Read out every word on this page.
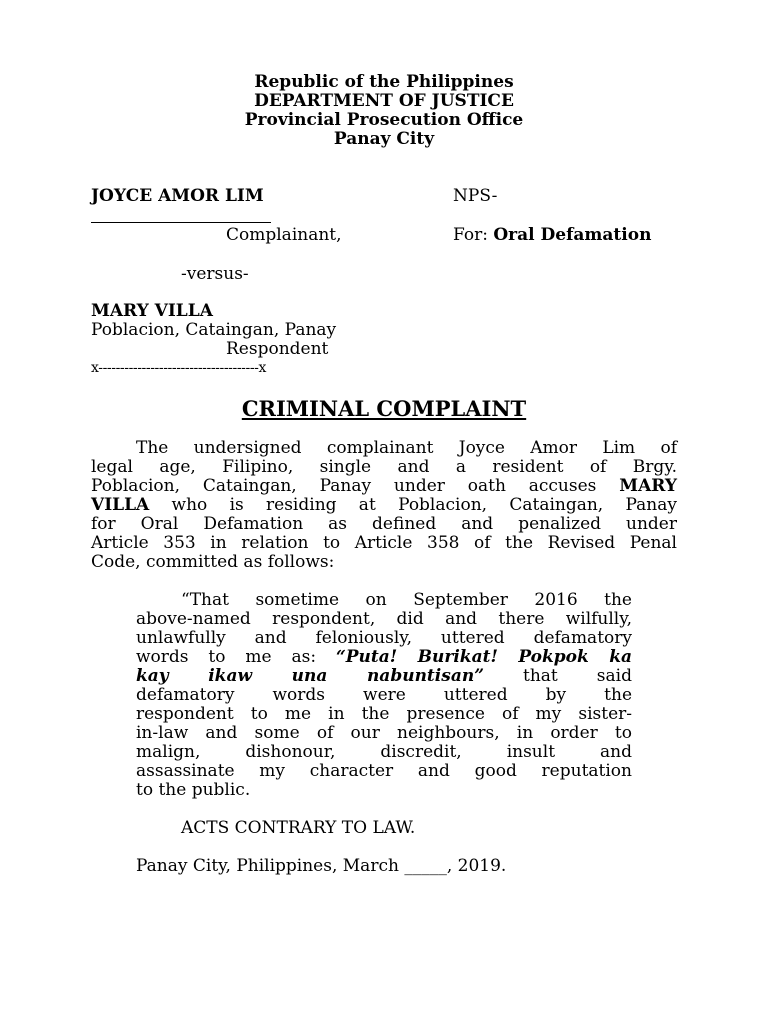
Republic of the Philippines
DEPARTMENT OF JUSTICE
Provincial Prosecution Office
Panay City
JOYCE AMOR LIM
Complainant,
-versus-
MARY VILLA
Poblacion, Cataingan, Panay
Respondent
x-------------------------------------x
NPS-
For: Oral Defamation
CRIMINAL COMPLAINT
The undersigned complainant Joyce Amor Lim of
legal age, Filipino, single and a resident of Brgy.
Poblacion, Cataingan, Panay under oath accuses MARY
VILLA who is residing at Poblacion, Cataingan, Panay
for Oral Defamation as defined and penalized under
Article 353 in relation to Article 358 of the Revised Penal
Code, committed as follows:
“That sometime on September 2016 the
above-named respondent, did and there wilfully,
unlawfully and feloniously, uttered defamatory
words to me as: “Puta! Burikat! Pokpok ka
kay ikaw una nabuntisan” that said
defamatory words were uttered by the
respondent to me in the presence of my sister-
in-law and some of our neighbours, in order to
malign, dishonour, discredit, insult and
assassinate my character and good reputation
to the public.
ACTS CONTRARY TO LAW.
Panay City, Philippines, March _____, 2019.
